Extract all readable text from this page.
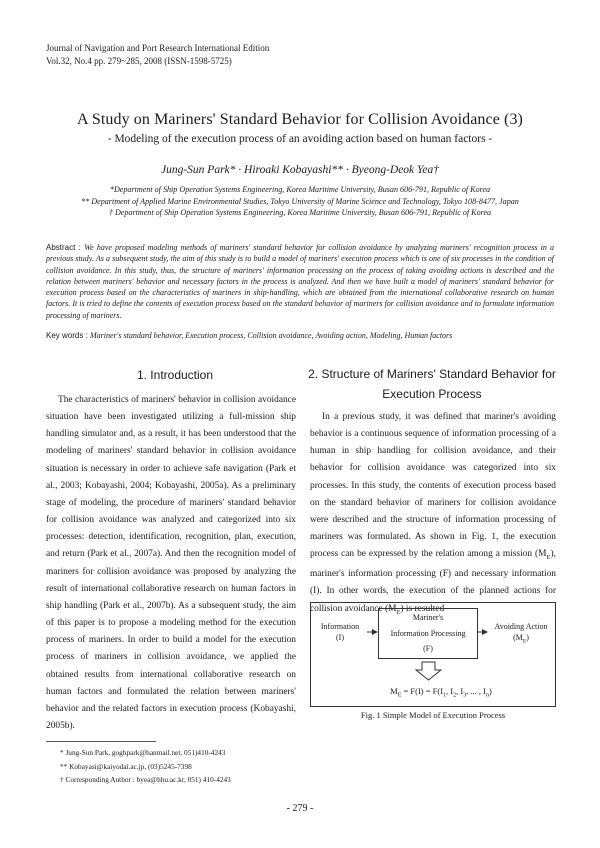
Journal of Navigation and Port Research International Edition
Vol.32, No.4 pp. 279~285, 2008 (ISSN-1598-5725)
A Study on Mariners' Standard Behavior for Collision Avoidance (3)
- Modeling of the execution process of an avoiding action based on human factors -
Jung-Sun Park* · Hiroaki Kobayashi** · Byeong-Deok Yea†
*Department of Ship Operation Systems Engineering, Korea Maritime University, Busan 606-791, Republic of Korea
** Department of Applied Marine Environmental Studies, Tokyo University of Marine Science and Technology, Tokyo 108-8477, Japan
† Department of Ship Operation Systems Engineering, Korea Maritime University, Busan 606-791, Republic of Korea
Abstract : We have proposed modeling methods of mariners' standard behavior for collision avoidance by analyzing mariners' recognition process in a previous study. As a subsequent study, the aim of this study is to build a model of mariners' execution process which is one of six processes in the condition of collision avoidance. In this study, thus, the structure of mariners' information processing on the process of taking avoiding actions is described and the relation between mariners' behavior and necessary factors in the process is analyzed. And then we have built a model of mariners' standard behavior for execution process based on the characteristics of mariners in ship-handling, which are obtained from the international collaborative research on human factors. It is tried to define the contents of execution process based on the standard behavior of mariners for collision avoidance and to formulate information processing of mariners.
Key words : Mariner's standard behavior, Execution process, Collision avoidance, Avoiding action, Modeling, Human factors
1. Introduction
The characteristics of mariners' behavior in collision avoidance situation have been investigated utilizing a full-mission ship handling simulator and, as a result, it has been understood that the modeling of mariners' standard behavior in collision avoidance situation is necessary in order to achieve safe navigation (Park et al., 2003; Kobayashi, 2004; Kobayashi, 2005a). As a preliminary stage of modeling, the procedure of mariners' standard behavior for collision avoidance was analyzed and categorized into six processes: detection, identification, recognition, plan, execution, and return (Park et al., 2007a). And then the recognition model of mariners for collision avoidance was proposed by analyzing the result of international collaborative research on human factors in ship handling (Park et al., 2007b). As a subsequent study, the aim of this paper is to propose a modeling method for the execution process of mariners. In order to build a model for the execution process of mariners in collision avoidance, we applied the obtained results from international collaborative research on human factors and formulated the relation between mariners' behavior and the related factors in execution process (Kobayashi, 2005b).
2. Structure of Mariners' Standard Behavior for
Execution Process
In a previous study, it was defined that mariner's avoiding behavior is a continuous sequence of information processing of a human in ship handling for collision avoidance, and their behavior for collision avoidance was categorized into six processes. In this study, the contents of execution process based on the standard behavior of mariners for collision avoidance were described and the structure of information processing of mariners was formulated. As shown in Fig. 1, the execution process can be expressed by the relation among a mission $(M_E)$, mariner's information processing (F) and necessary information (I). In other words, the execution of the planned actions for collision avoidance $(M_E)$ is resulted
Information
(I)
Mariner's
Information Processing
(F)
Avoiding Action
$(M_E)$
$M_E = F(I) = F(I_1$, $I_2$, $I_3$, ... , $I_n$)
Fig. 1 Simple Model of Execution Process
* Jung-Sun Park, goghpark@hanmail.net, 051)410-4243
** Kobayasi@kaiyodai.ac.jp, (03)5245-7398
† Corresponding Author : byea@hhu.ac.kr, 051) 410-4243
- 279 -
